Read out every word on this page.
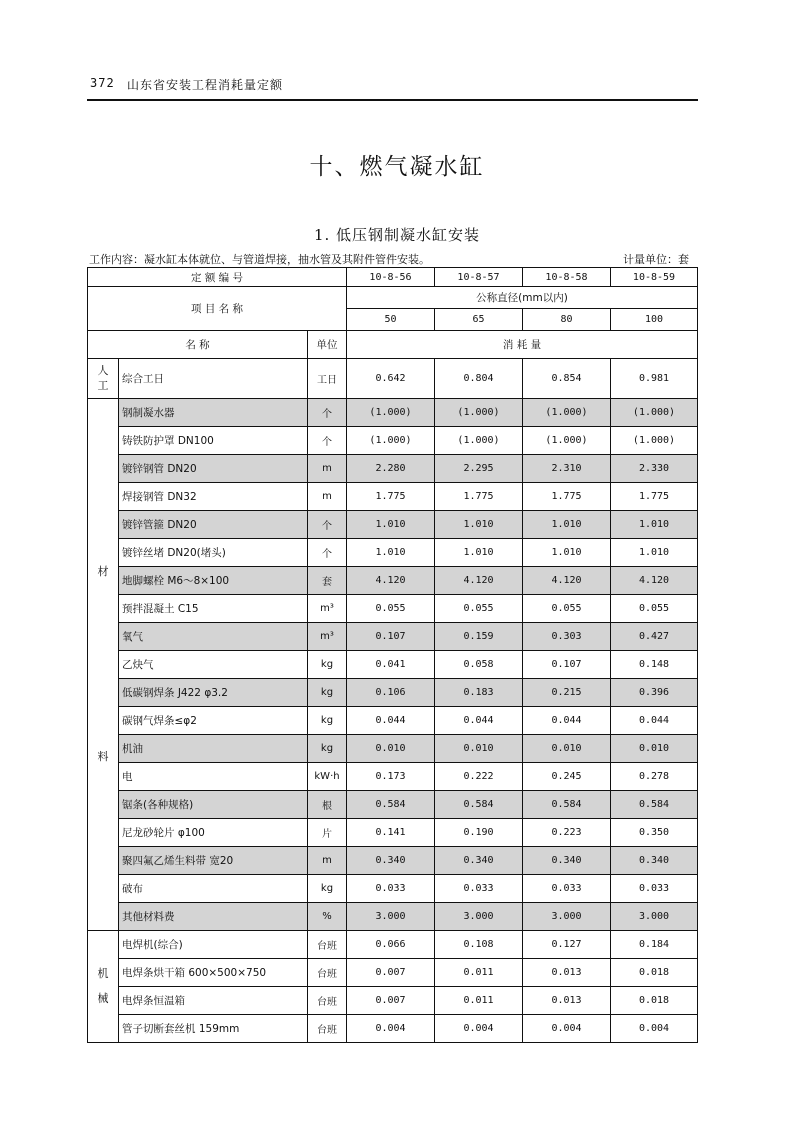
372 山东省安装工程消耗量定额
十、燃气凝水缸
1. 低压钢制凝水缸安装
工作内容：凝水缸本体就位、与管道焊接，抽水管及其附件管件安装。	计量单位：套
定 额 编 号			10-8-56	10-8-57	10-8-58	10-8-59
项 目 名 称			公称直径(mm以内)			
			50	65	80	100
名 称		单位	消 耗 量			

人
工	综合工日	工日	0.642	0.804	0.854	0.981

材
料	钢制凝水器	个	(1.000)	(1.000)	(1.000)	(1.000)
	铸铁防护罩 DN100	个	(1.000)	(1.000)	(1.000)	(1.000)
	镀锌钢管 DN20	m	2.280	2.295	2.310	2.330
	焊接钢管 DN32	m	1.775	1.775	1.775	1.775
	镀锌管箍 DN20	个	1.010	1.010	1.010	1.010
	镀锌丝堵 DN20(堵头)	个	1.010	1.010	1.010	1.010
	地脚螺栓 M6～8×100	套	4.120	4.120	4.120	4.120
	预拌混凝土 C15	m³	0.055	0.055	0.055	0.055
	氧气	m³	0.107	0.159	0.303	0.427
	乙炔气	kg	0.041	0.058	0.107	0.148
	低碳钢焊条 J422 φ3.2	kg	0.106	0.183	0.215	0.396
	碳钢气焊条≤φ2	kg	0.044	0.044	0.044	0.044
	机油	kg	0.010	0.010	0.010	0.010
	电	kW·h	0.173	0.222	0.245	0.278
	锯条(各种规格)	根	0.584	0.584	0.584	0.584
	尼龙砂轮片 φ100	片	0.141	0.190	0.223	0.350
	聚四氟乙烯生料带 宽20	m	0.340	0.340	0.340	0.340
	破布	kg	0.033	0.033	0.033	0.033
	其他材料费	%	3.000	3.000	3.000	3.000

机
械	电焊机(综合)	台班	0.066	0.108	0.127	0.184
	电焊条烘干箱 600×500×750	台班	0.007	0.011	0.013	0.018
	电焊条恒温箱	台班	0.007	0.011	0.013	0.018
	管子切断套丝机 159mm	台班	0.004	0.004	0.004	0.004
